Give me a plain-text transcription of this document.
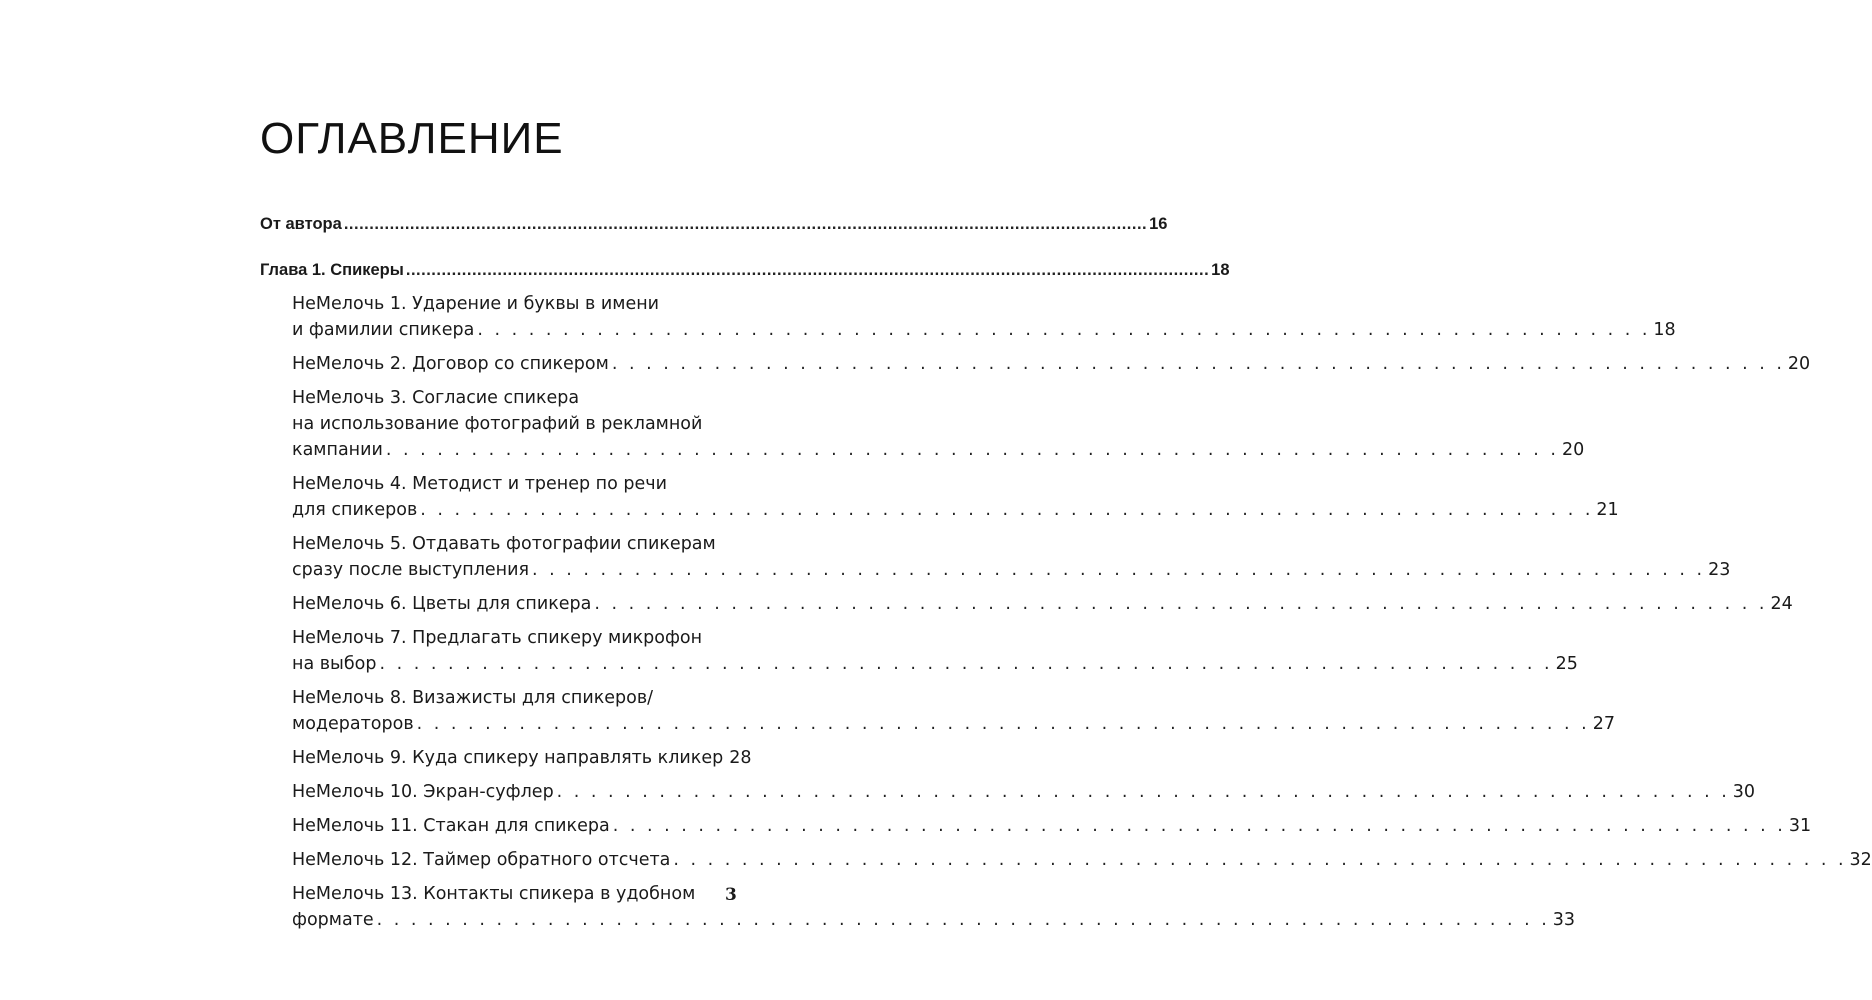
ОГЛАВЛЕНИЕ
От автора .............................................................................................................................................................. 16
Глава 1. Спикеры .............................................................................................................................................................. 18
НеМелочь 1. Ударение и буквы в имени
и фамилии спикера . . . . . . . . . . . . . . . . . . . . . . . . . . . . . . . . . . . . . . . . . . . . . . . . . . . . . . . . . . . . . . . . . . . . . 18
НеМелочь 2. Договор со спикером . . . . . . . . . . . . . . . . . . . . . . . . . . . . . . . . . . . . . . . . . . . . . . . . . . . . . . . . . . . . . . . . . . . . . 20
НеМелочь 3. Согласие спикера
на использование фотографий в рекламной
кампании . . . . . . . . . . . . . . . . . . . . . . . . . . . . . . . . . . . . . . . . . . . . . . . . . . . . . . . . . . . . . . . . . . . . . 20
НеМелочь 4. Методист и тренер по речи
для спикеров . . . . . . . . . . . . . . . . . . . . . . . . . . . . . . . . . . . . . . . . . . . . . . . . . . . . . . . . . . . . . . . . . . . . . 21
НеМелочь 5. Отдавать фотографии спикерам
сразу после выступления . . . . . . . . . . . . . . . . . . . . . . . . . . . . . . . . . . . . . . . . . . . . . . . . . . . . . . . . . . . . . . . . . . . . . 23
НеМелочь 6. Цветы для спикера . . . . . . . . . . . . . . . . . . . . . . . . . . . . . . . . . . . . . . . . . . . . . . . . . . . . . . . . . . . . . . . . . . . . . 24
НеМелочь 7. Предлагать спикеру микрофон
на выбор . . . . . . . . . . . . . . . . . . . . . . . . . . . . . . . . . . . . . . . . . . . . . . . . . . . . . . . . . . . . . . . . . . . . . 25
НеМелочь 8. Визажисты для спикеров/
модераторов . . . . . . . . . . . . . . . . . . . . . . . . . . . . . . . . . . . . . . . . . . . . . . . . . . . . . . . . . . . . . . . . . . . . . 27
НеМелочь 9. Куда спикеру направлять кликер 28
НеМелочь 10. Экран-суфлер . . . . . . . . . . . . . . . . . . . . . . . . . . . . . . . . . . . . . . . . . . . . . . . . . . . . . . . . . . . . . . . . . . . . . 30
НеМелочь 11. Стакан для спикера . . . . . . . . . . . . . . . . . . . . . . . . . . . . . . . . . . . . . . . . . . . . . . . . . . . . . . . . . . . . . . . . . . . . . 31
НеМелочь 12. Таймер обратного отсчета . . . . . . . . . . . . . . . . . . . . . . . . . . . . . . . . . . . . . . . . . . . . . . . . . . . . . . . . . . . . . . . . . . . . . 32
НеМелочь 13. Контакты спикера в удобном
формате . . . . . . . . . . . . . . . . . . . . . . . . . . . . . . . . . . . . . . . . . . . . . . . . . . . . . . . . . . . . . . . . . . . . . 33
3
